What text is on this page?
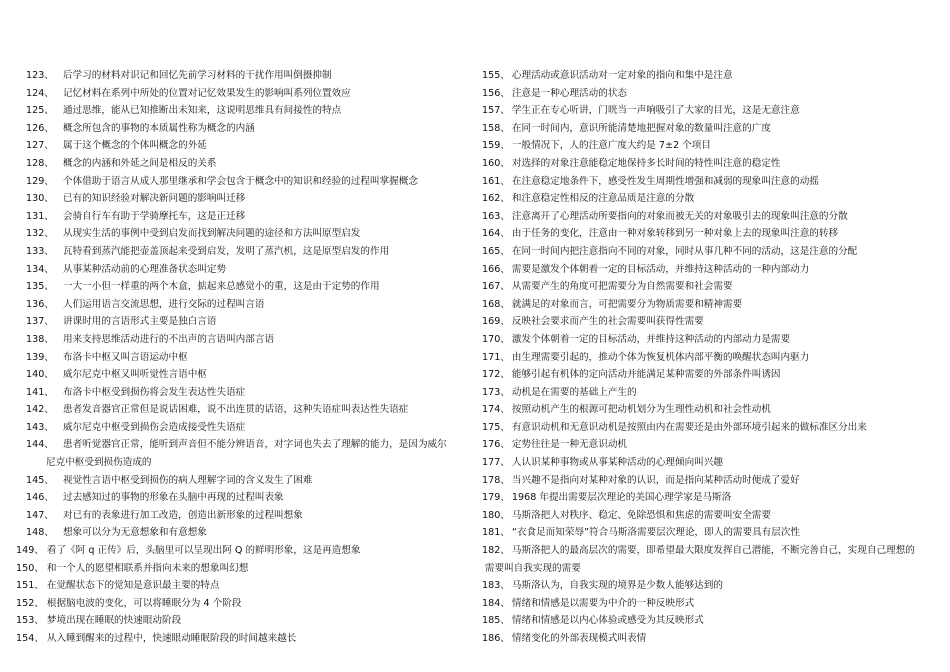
123、 后学习的材料对识记和回忆先前学习材料的干扰作用叫倒摄抑制
124、 记忆材料在系列中所处的位置对记忆效果发生的影响叫系列位置效应
125、 通过思维，能从已知推断出未知来，这说明思维具有间接性的特点
126、 概念所包含的事物的本质属性称为概念的内涵
127、 属于这个概念的个体叫概念的外延
128、 概念的内涵和外延之间是相反的关系
129、 个体借助于语言从成人那里继承和学会包含于概念中的知识和经验的过程叫掌握概念
130、 已有的知识经验对解决新问题的影响叫迁移
131、 会骑自行车有助于学骑摩托车，这是正迁移
132、 从现实生活的事例中受到启发而找到解决问题的途径和方法叫原型启发
133、 瓦特看到蒸汽能把壶盖顶起来受到启发，发明了蒸汽机，这是原型启发的作用
134、 从事某种活动前的心理准备状态叫定势
135、 一大一小但一样重的两个木盒，掂起来总感觉小的重，这是由于定势的作用
136、 人们运用语言交流思想，进行交际的过程叫言语
137、 讲课时用的言语形式主要是独白言语
138、 用来支持思维活动进行的不出声的言语叫内部言语
139、 布洛卡中枢又叫言语运动中枢
140、 威尔尼克中枢又叫听觉性言语中枢
141、 布洛卡中枢受到损伤将会发生表达性失语症
142、 患者发音器官正常但是说话困难，说不出连贯的话语，这种失语症叫表达性失语症
143、 威尔尼克中枢受到损伤会造成接受性失语症
144、 患者听觉器官正常，能听到声音但不能分辨语音，对字词也失去了理解的能力，是因为威尔
尼克中枢受到损伤造成的
145、 视觉性言语中枢受到损伤的病人理解字词的含义发生了困难
146、 过去感知过的事物的形象在头脑中再现的过程叫表象
147、 对已有的表象进行加工改造，创造出新形象的过程叫想象
148、 想象可以分为无意想象和有意想象
149、 看了《阿 q 正传》后，头脑里可以呈现出阿 Q 的鲜明形象，这是再造想象
150、 和一个人的愿望相联系并指向未来的想象叫幻想
151、 在觉醒状态下的觉知是意识最主要的特点
152、 根据脑电波的变化，可以将睡眠分为 4 个阶段
153、 梦境出现在睡眠的快速眼动阶段
154、 从入睡到醒来的过程中，快速眼动睡眠阶段的时间越来越长
155、 心理活动或意识活动对一定对象的指向和集中是注意
156、 注意是一种心理活动的状态
157、 学生正在专心听讲，门咣当一声响吸引了大家的目光，这是无意注意
158、 在同一时间内，意识所能清楚地把握对象的数量叫注意的广度
159、 一般情况下，人的注意广度大约是 7±2 个项目
160、 对选择的对象注意能稳定地保持多长时间的特性叫注意的稳定性
161、 在注意稳定地条件下，感受性发生周期性增强和减弱的现象叫注意的动摇
162、 和注意稳定性相反的注意品质是注意的分散
163、 注意离开了心理活动所要指向的对象而被无关的对象吸引去的现象叫注意的分散
164、 由于任务的变化，注意由一种对象转移到另一种对象上去的现象叫注意的转移
165、 在同一时间内把注意指向不同的对象，同时从事几种不同的活动，这是注意的分配
166、 需要是激发个体朝着一定的目标活动，并维持这种活动的一种内部动力
167、 从需要产生的角度可把需要分为自然需要和社会需要
168、 就满足的对象而言，可把需要分为物质需要和精神需要
169、 反映社会要求而产生的社会需要叫获得性需要
170、 激发个体朝着一定的目标活动，并维持这种活动的内部动力是需要
171、 由生理需要引起的，推动个体为恢复机体内部平衡的唤醒状态叫内驱力
172、 能够引起有机体的定向活动并能满足某种需要的外部条件叫诱因
173、 动机是在需要的基础上产生的
174、 按照动机产生的根源可把动机划分为生理性动机和社会性动机
175、 有意识动机和无意识动机是按照由内在需要还是由外部环境引起来的做标准区分出来
176、 定势往往是一种无意识动机
177、 人认识某种事物或从事某种活动的心理倾向叫兴趣
178、 当兴趣不是指向对某种对象的认识，而是指向某种活动时便成了爱好
179、 1968 年提出需要层次理论的美国心理学家是马斯洛
180、 马斯洛把人对秩序、稳定、免除恐惧和焦虑的需要叫安全需要
181、 “衣食足而知荣辱”符合马斯洛需要层次理论，即人的需要具有层次性
182、 马斯洛把人的最高层次的需要，即希望最大限度发挥自己潜能，不断完善自己，实现自己理想的
需要叫自我实现的需要
183、 马斯洛认为，自我实现的境界是少数人能够达到的
184、 情绪和情感是以需要为中介的一种反映形式
185、 情绪和情感是以内心体验或感受为其反映形式
186、 情绪变化的外部表现模式叫表情
